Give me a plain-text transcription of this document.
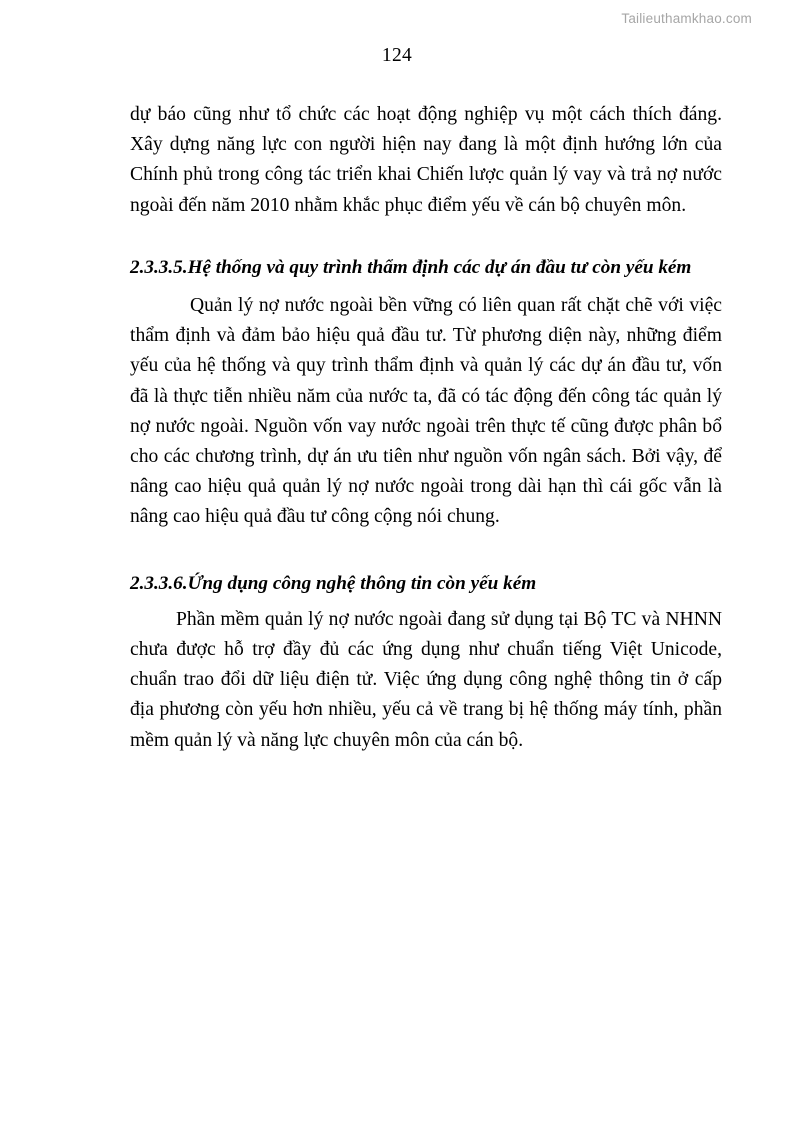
Tailieuthamkhao.com
124

dự báo cũng như tổ chức các hoạt động nghiệp vụ một cách thích đáng. Xây dựng năng lực con người hiện nay đang là một định hướng lớn của Chính phủ trong công tác triển khai Chiến lược quản lý vay và trả nợ nước ngoài đến năm 2010 nhằm khắc phục điểm yếu về cán bộ chuyên môn.

2.3.3.5.Hệ thống và quy trình thẩm định các dự án đầu tư còn yếu kém

Quản lý nợ nước ngoài bền vững có liên quan rất chặt chẽ với việc thẩm định và đảm bảo hiệu quả đầu tư. Từ phương diện này, những điểm yếu của hệ thống và quy trình thẩm định và quản lý các dự án đầu tư, vốn đã là thực tiễn nhiều năm của nước ta, đã có tác động đến công tác quản lý nợ nước ngoài. Nguồn vốn vay nước ngoài trên thực tế cũng được phân bổ cho các chương trình, dự án ưu tiên như nguồn vốn ngân sách. Bởi vậy, để nâng cao hiệu quả quản lý nợ nước ngoài trong dài hạn thì cái gốc vẫn là nâng cao hiệu quả đầu tư công cộng nói chung.

2.3.3.6.Ứng dụng công nghệ thông tin còn yếu kém

Phần mềm quản lý nợ nước ngoài đang sử dụng tại Bộ TC và NHNN chưa được hỗ trợ đầy đủ các ứng dụng như chuẩn tiếng Việt Unicode, chuẩn trao đổi dữ liệu điện tử. Việc ứng dụng công nghệ thông tin ở cấp địa phương còn yếu hơn nhiều, yếu cả về trang bị hệ thống máy tính, phần mềm quản lý và năng lực chuyên môn của cán bộ.
